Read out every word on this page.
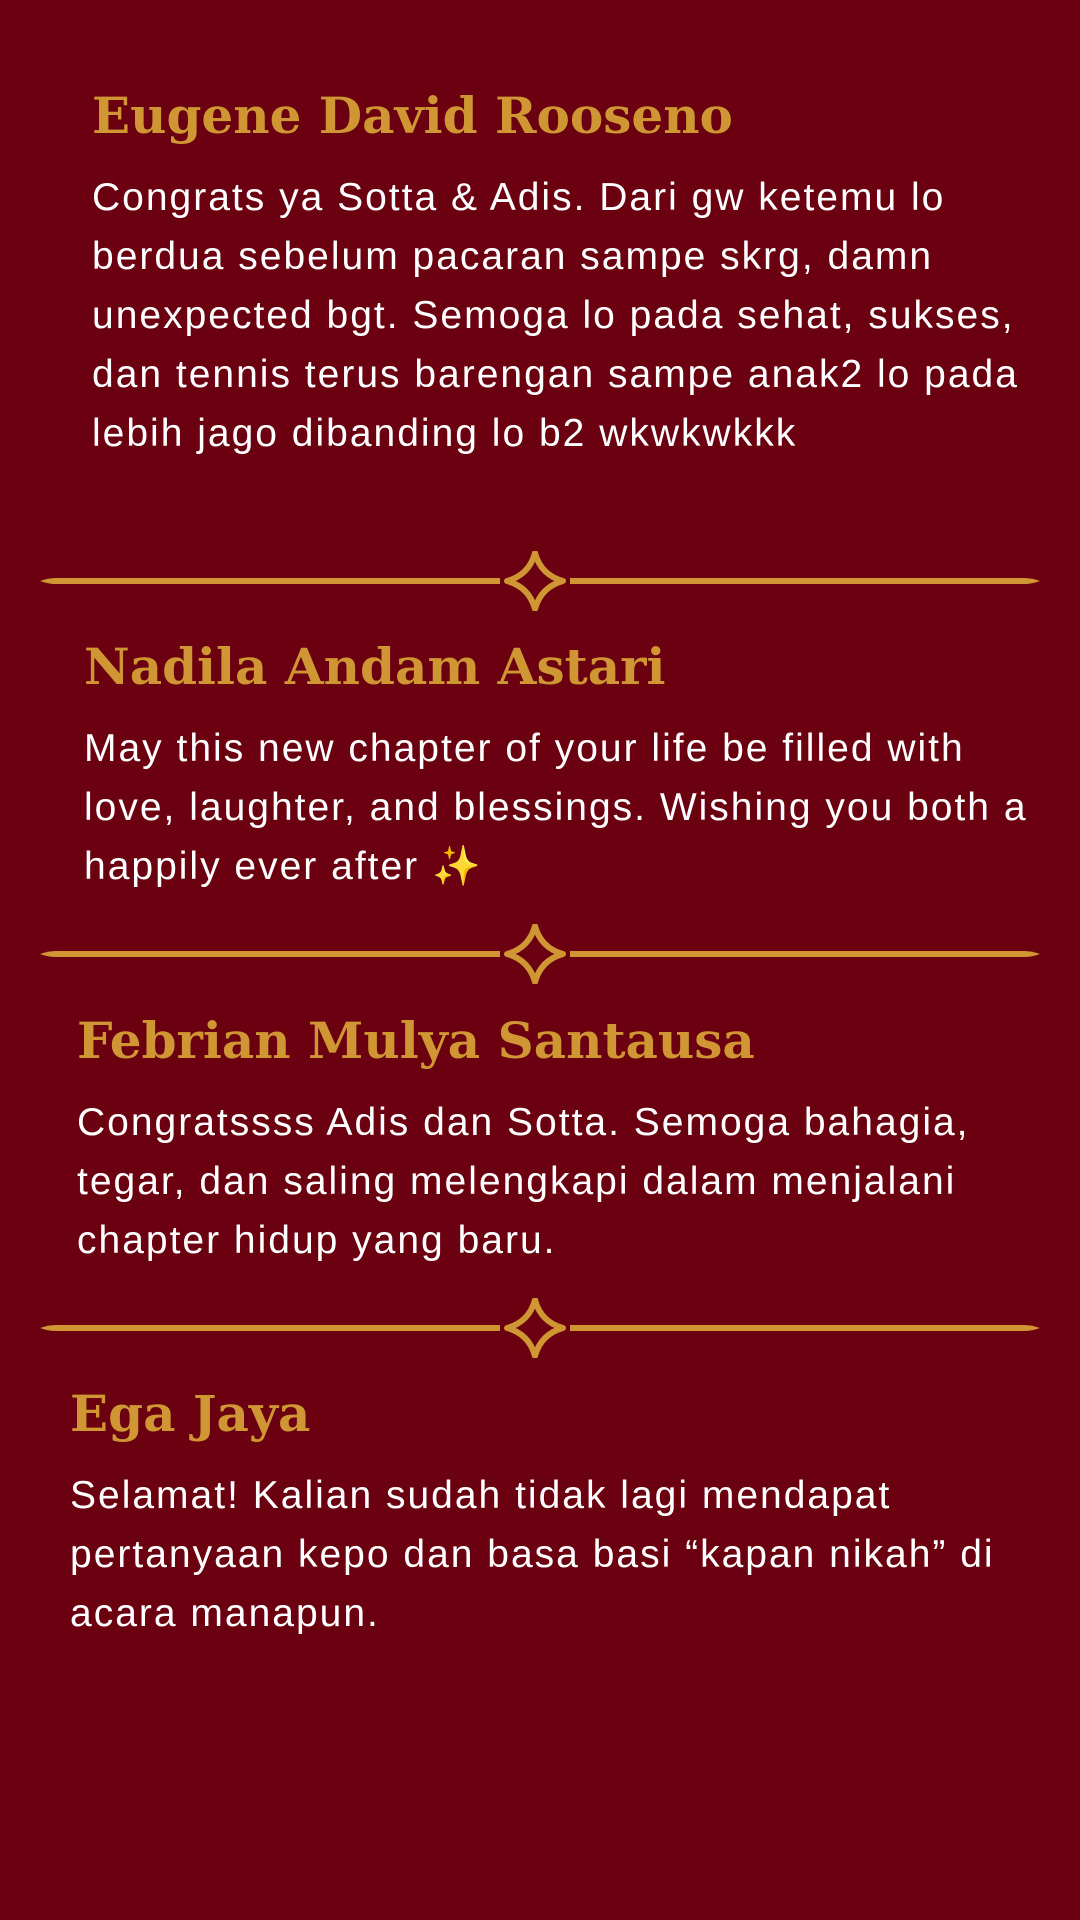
Eugene David Rooseno

Congrats ya Sotta & Adis. Dari gw ketemu lo berdua sebelum pacaran sampe skrg, damn unexpected bgt. Semoga lo pada sehat, sukses, dan tennis terus barengan sampe anak2 lo pada lebih jago dibanding lo b2 wkwkwkkk

Nadila Andam Astari

May this new chapter of your life be filled with love, laughter, and blessings. Wishing you both a happily ever after ✨

Febrian Mulya Santausa

Congratssss Adis dan Sotta. Semoga bahagia, tegar, dan saling melengkapi dalam menjalani chapter hidup yang baru.

Ega Jaya

Selamat! Kalian sudah tidak lagi mendapat pertanyaan kepo dan basa basi “kapan nikah” di acara manapun.
